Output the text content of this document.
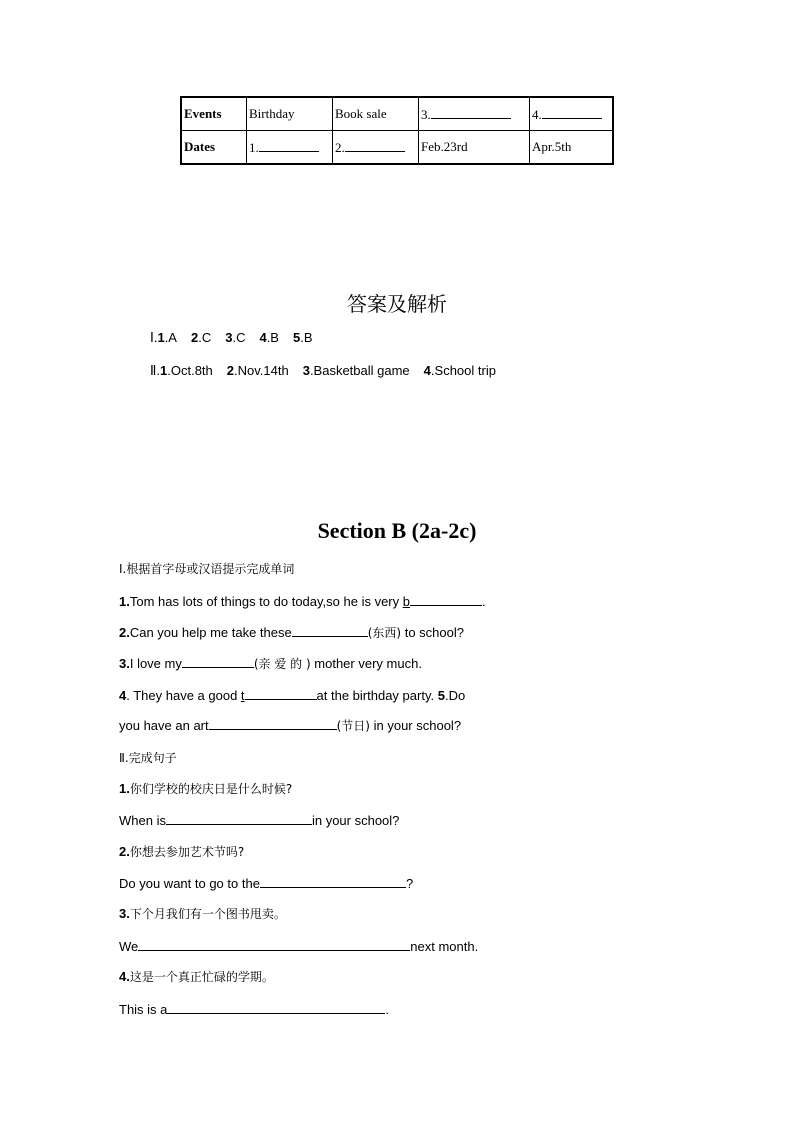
Events	Birthday	Book sale	3.	4.
Dates	1.	2.	Feb.23rd	Apr.5th
答案及解析
Ⅰ.1.A 2.C 3.C 4.B 5.B
Ⅱ.1.Oct.8th 2.Nov.14th 3.Basketball game 4.School trip
Section B (2a-2c)
Ⅰ.根据首字母或汉语提示完成单词
1.Tom has lots of things to do today,so he is very b	.
2.Can you help me take these	(东西) to school?
3.I love my	(亲 爱 的 ) mother very much.
4. They have a good t	at the birthday party. 5.Do
you have an art	(节日) in your school?
Ⅱ.完成句子
1.你们学校的校庆日是什么时候?
When is	in your school?
2.你想去参加艺术节吗?
Do you want to go to the	?
3.下个月我们有一个图书甩卖。
We	next month.
4.这是一个真正忙碌的学期。
This is a	.
